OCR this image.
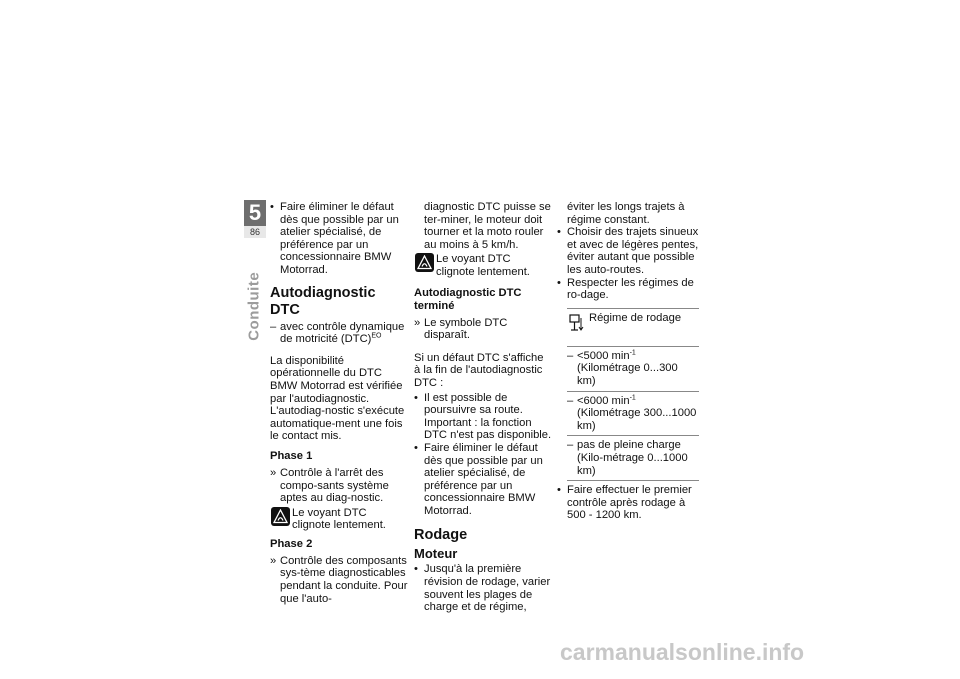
5
86
Conduite
• Faire éliminer le défaut dès que possible par un atelier spécialisé, de préférence par un concessionnaire BMW Motorrad.
Autodiagnostic DTC
– avec contrôle dynamique de motricité (DTC)$^{EO}$
La disponibilité opérationnelle du DTC BMW Motorrad est vérifiée par l'autodiagnostic. L'autodiag-nostic s'exécute automatique-ment une fois le contact mis.
Phase 1
» Contrôle à l'arrêt des compo-sants système aptes au diag-nostic.
Le voyant DTC clignote lentement.
Phase 2
» Contrôle des composants sys-tème diagnosticables pendant la conduite. Pour que l'auto-
diagnostic DTC puisse se ter-miner, le moteur doit tourner et la moto rouler au moins à 5 km/h.
Le voyant DTC clignote lentement.
Autodiagnostic DTC terminé
» Le symbole DTC disparaît.
Si un défaut DTC s'affiche à la fin de l'autodiagnostic DTC :
• Il est possible de poursuivre sa route. Important : la fonction DTC n'est pas disponible.
• Faire éliminer le défaut dès que possible par un atelier spécialisé, de préférence par un concessionnaire BMW Motorrad.
Rodage
Moteur
• Jusqu'à la première révision de rodage, varier souvent les plages de charge et de régime,
éviter les longs trajets à régime constant.
• Choisir des trajets sinueux et avec de légères pentes, éviter autant que possible les auto-routes.
• Respecter les régimes de ro-dage.
Régime de rodage
– <5000 $\min^{-1}$ (Kilométrage 0...300 km)
– <6000 $\min^{-1}$ (Kilométrage 300...1000 km)
– pas de pleine charge (Kilo-métrage 0...1000 km)
• Faire effectuer le premier contrôle après rodage à 500 - 1200 km.
carmanualsonline.info
